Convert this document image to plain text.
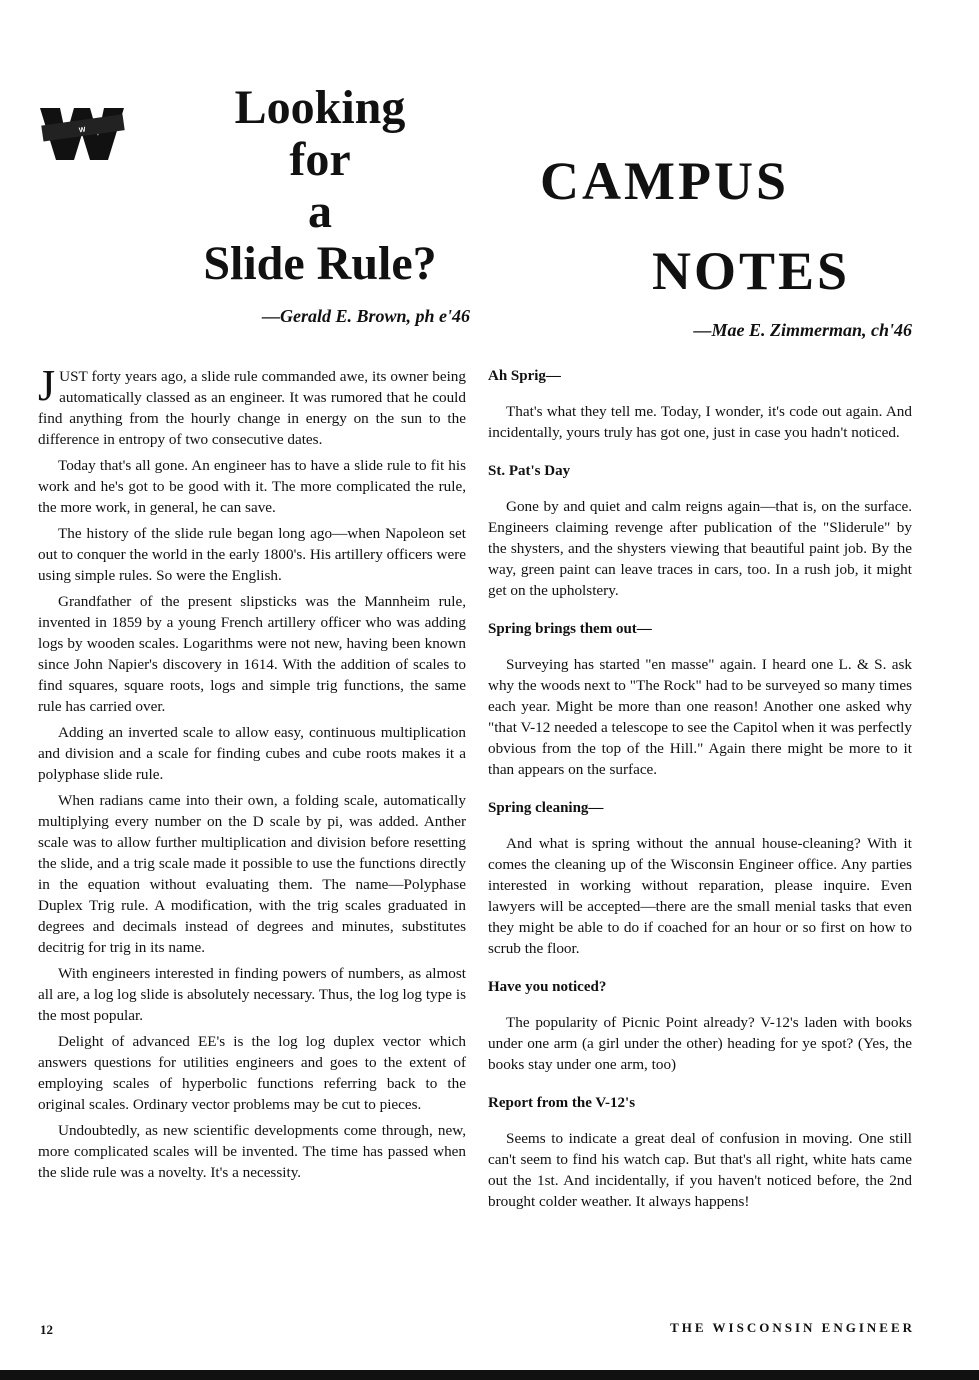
W	Looking
for
a
Slide Rule?
—Gerald E. Brown, ph e'46
CAMPUS
NOTES
—Mae E. Zimmerman, ch'46

JUST forty years ago, a slide rule commanded awe, its owner being automatically classed as an engineer. It was rumored that he could find anything from the hourly change in energy on the sun to the difference in entropy of two consecutive dates.

Today that's all gone. An engineer has to have a slide rule to fit his work and he's got to be good with it. The more complicated the rule, the more work, in general, he can save.

The history of the slide rule began long ago—when Napoleon set out to conquer the world in the early 1800's. His artillery officers were using simple rules. So were the English.

Grandfather of the present slipsticks was the Mannheim rule, invented in 1859 by a young French artillery officer who was adding logs by wooden scales. Logarithms were not new, having been known since John Napier's discovery in 1614. With the addition of scales to find squares, square roots, logs and simple trig functions, the same rule has carried over.

Adding an inverted scale to allow easy, continuous multiplication and division and a scale for finding cubes and cube roots makes it a polyphase slide rule.

When radians came into their own, a folding scale, automatically multiplying every number on the D scale by pi, was added. Anther scale was to allow further multiplication and division before resetting the slide, and a trig scale made it possible to use the functions directly in the equation without evaluating them. The name—Polyphase Duplex Trig rule. A modification, with the trig scales graduated in degrees and decimals instead of degrees and minutes, substitutes decitrig for trig in its name.

With engineers interested in finding powers of numbers, as almost all are, a log log slide is absolutely necessary. Thus, the log log type is the most popular.

Delight of advanced EE's is the log log duplex vector which answers questions for utilities engineers and goes to the extent of employing scales of hyperbolic functions referring back to the original scales. Ordinary vector problems may be cut to pieces.

Undoubtedly, as new scientific developments come through, new, more complicated scales will be invented. The time has passed when the slide rule was a novelty. It's a necessity.

Ah Sprig—

That's what they tell me. Today, I wonder, it's code out again. And incidentally, yours truly has got one, just in case you hadn't noticed.

St. Pat's Day

Gone by and quiet and calm reigns again—that is, on the surface. Engineers claiming revenge after publication of the "Sliderule" by the shysters, and the shysters viewing that beautiful paint job. By the way, green paint can leave traces in cars, too. In a rush job, it might get on the upholstery.

Spring brings them out—

Surveying has started "en masse" again. I heard one L. & S. ask why the woods next to "The Rock" had to be surveyed so many times each year. Might be more than one reason! Another one asked why "that V-12 needed a telescope to see the Capitol when it was perfectly obvious from the top of the Hill." Again there might be more to it than appears on the surface.

Spring cleaning—

And what is spring without the annual house-cleaning? With it comes the cleaning up of the Wisconsin Engineer office. Any parties interested in working without reparation, please inquire. Even lawyers will be accepted—there are the small menial tasks that even they might be able to do if coached for an hour or so first on how to scrub the floor.

Have you noticed?

The popularity of Picnic Point already? V-12's laden with books under one arm (a girl under the other) heading for ye spot? (Yes, the books stay under one arm, too)

Report from the V-12's

Seems to indicate a great deal of confusion in moving. One still can't seem to find his watch cap. But that's all right, white hats came out the 1st. And incidentally, if you haven't noticed before, the 2nd brought colder weather. It always happens!

12	THE WISCONSIN ENGINEER
